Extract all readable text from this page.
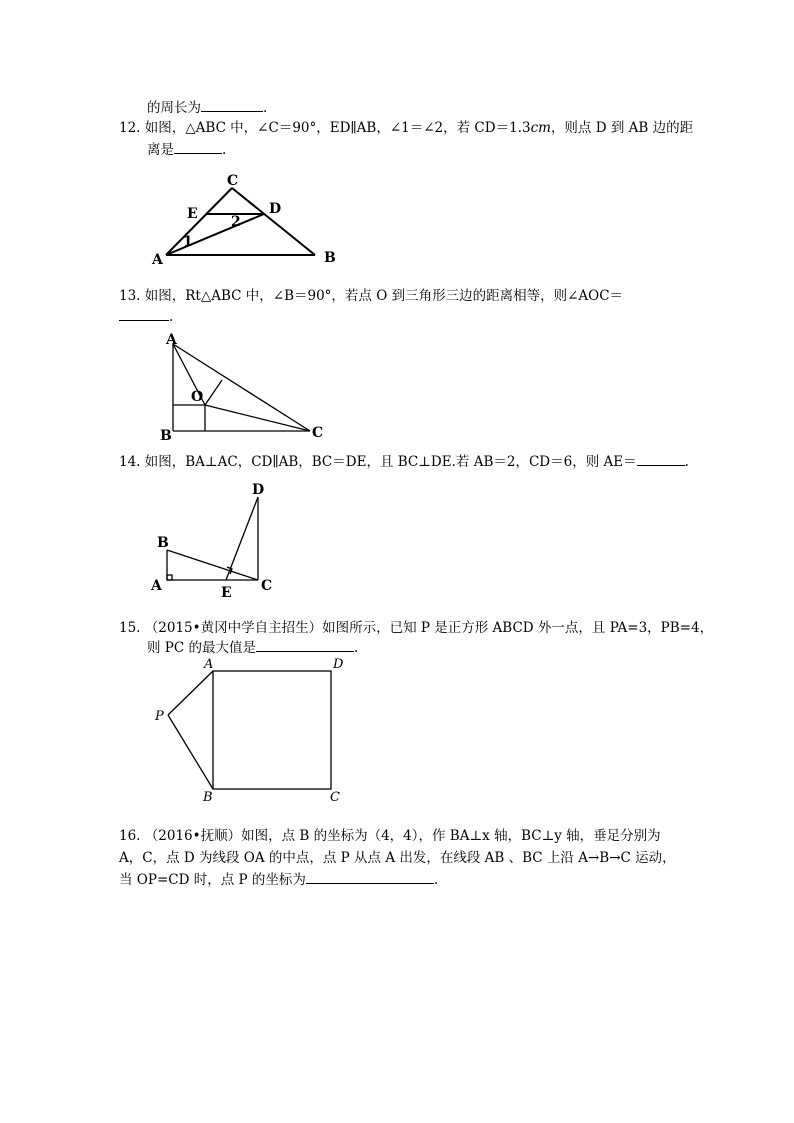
的周长为	.
12. 如图，△ABC 中，∠C＝90°，ED∥AB，∠1＝∠2，若 CD＝1.3cm，则点 D 到 AB 边的距
离是	.
C
E	D
A	B
1
2
13. 如图，Rt△ABC 中，∠B＝90°，若点 O 到三角形三边的距离相等，则∠AOC＝
.
A
O
B	C
14. 如图，BA⊥AC，CD∥AB，BC＝DE，且 BC⊥DE.若 AB＝2，CD＝6，则 AE＝	.
D
B
A	E C
15. （2015•黄冈中学自主招生）如图所示，已知 P 是正方形 ABCD 外一点，且 PA=3，PB=4，
则 PC 的最大值是	.
A	D
P
B	C
16. （2016•抚顺）如图，点 B 的坐标为（4，4），作 BA⊥x 轴，BC⊥y 轴，垂足分别为
A，C，点 D 为线段 OA 的中点，点 P 从点 A 出发，在线段 AB 、BC 上沿 A→B→C 运动，
当 OP=CD 时，点 P 的坐标为	.
